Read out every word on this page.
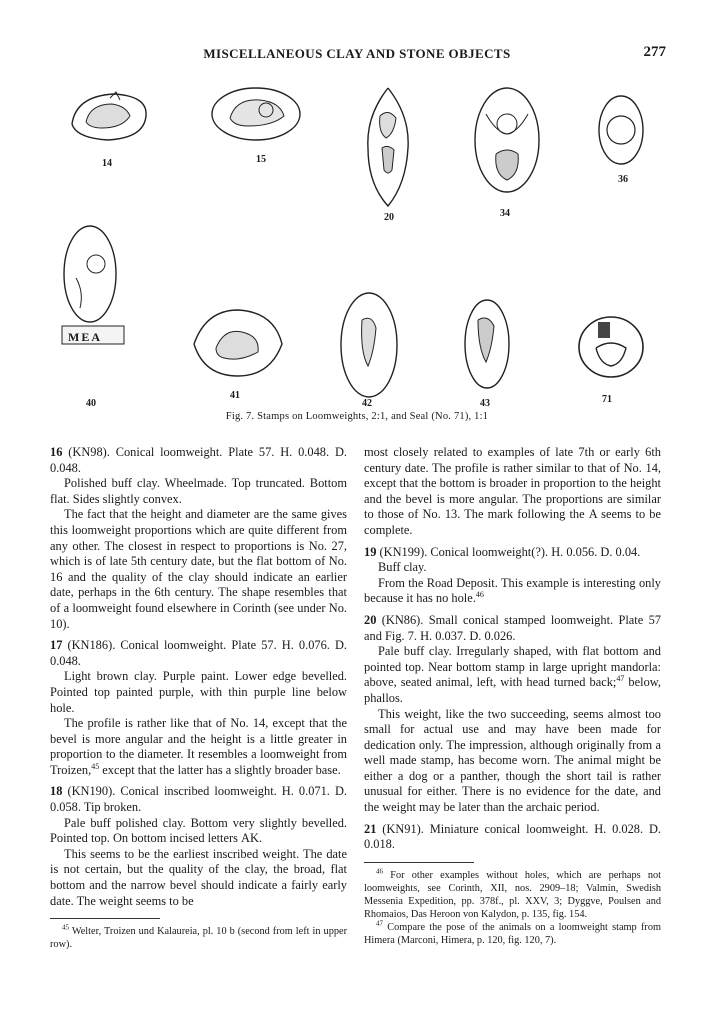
MISCELLANEOUS CLAY AND STONE OBJECTS	277
14	15
20	34
36
MEA
40
41
42	43	71
Fig. 7. Stamps on Loomweights, 2:1, and Seal (No. 71), 1:1

16 (KN98). Conical loomweight. Plate 57. H. 0.048. D. 0.048.

Polished buff clay. Wheelmade. Top truncated. Bottom flat. Sides slightly convex.

The fact that the height and diameter are the same gives this loomweight proportions which are quite different from any other. The closest in respect to proportions is No. 27, which is of late 5th century date, but the flat bottom of No. 16 and the quality of the clay should indicate an earlier date, perhaps in the 6th century. The shape resembles that of a loomweight found elsewhere in Corinth (see under No. 10).

17 (KN186). Conical loomweight. Plate 57. H. 0.076. D. 0.048.

Light brown clay. Purple paint. Lower edge bevelled. Pointed top painted purple, with thin purple line below hole.

The profile is rather like that of No. 14, except that the bevel is more angular and the height is a little greater in proportion to the diameter. It resembles a loomweight from Troizen,$^{45}$ except that the latter has a slightly broader base.

18 (KN190). Conical inscribed loomweight. H. 0.071. D. 0.058. Tip broken.

Pale buff polished clay. Bottom very slightly bevelled. Pointed top. On bottom incised letters ΑΚ.

This seems to be the earliest inscribed weight. The date is not certain, but the quality of the clay, the broad, flat bottom and the narrow bevel should indicate a fairly early date. The weight seems to be

$^{45}$ Welter, Troizen und Kalaureia, pl. 10 b (second from left in upper row).

most closely related to examples of late 7th or early 6th century date. The profile is rather similar to that of No. 14, except that the bottom is broader in proportion to the height and the bevel is more angular. The proportions are similar to those of No. 13. The mark following the Α seems to be complete.

19 (KN199). Conical loomweight(?). H. 0.056. D. 0.04.

Buff clay.

From the Road Deposit. This example is interesting only because it has no hole.$^{46}$

20 (KN86). Small conical stamped loomweight. Plate 57 and Fig. 7. H. 0.037. D. 0.026.

Pale buff clay. Irregularly shaped, with flat bottom and pointed top. Near bottom stamp in large upright mandorla: above, seated animal, left, with head turned back;$^{47}$ below, phallos.

This weight, like the two succeeding, seems almost too small for actual use and may have been made for dedication only. The impression, although originally from a well made stamp, has become worn. The animal might be either a dog or a panther, though the short tail is rather unusual for either. There is no evidence for the date, and the weight may be later than the archaic period.

21 (KN91). Miniature conical loomweight. H. 0.028. D. 0.018.

$^{46}$ For other examples without holes, which are perhaps not loomweights, see Corinth, XII, nos. 2909–18; Valmin, Swedish Messenia Expedition, pp. 378f., pl. XXV, 3; Dyggve, Poulsen and Rhomaios, Das Heroon von Kalydon, p. 135, fig. 154.

$^{47}$ Compare the pose of the animals on a loomweight stamp from Himera (Marconi, Himera, p. 120, fig. 120, 7).
